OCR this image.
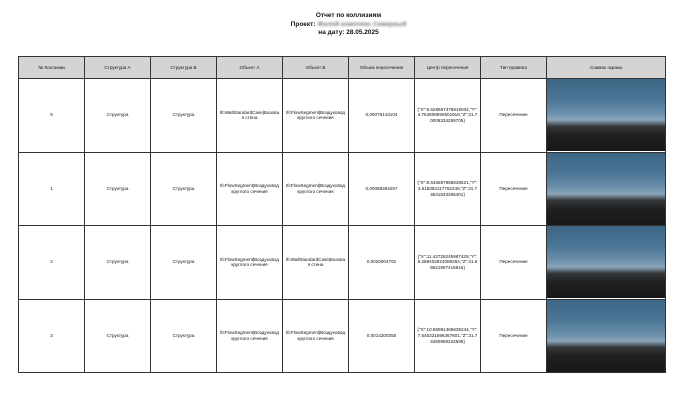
Отчет по коллизиям
Проект: Жилой комплекс Северный
на дату: 28.05.2025
№ Коллизии	Структура А	Структура В	Объект А	Объект В	Объем пересечения	Центр пересечения	Тип правила	Снимок экрана
5	Структура	Структура	IfcWallStandardCase|Базовая стена	IfcFlowSegment|Воздуховод круглого сечения	0,00078143104	{"X":9.628667378819004,"Y":4.754808990501918,"Z":31.70006334269705}	Пересечение	

1	Структура	Структура	IfcFlowSegment|Воздуховод круглого сечения	IfcFlowSegment|Воздуховод круглого сечения	0,00058364257	{"X":8.646597968638621,"Y":3.515384117762248,"Z":31.73631533365401}	Пересечение	

2	Структура	Структура	IfcFlowSegment|Воздуховод круглого сечения	IfcWallStandardCase|Базовая стена	0,0020004762	{"X":11.42726245967429,"Y":8.288402824089284,"Z":31.69621907415816}	Пересечение	

3	Структура	Структура	IfcFlowSegment|Воздуховод круглого сечения	IfcFlowSegment|Воздуховод круглого сечения	0,0014200255	{"X":10.86981465635244,"Y":7.545321596367601,"Z":31.73490988224598}	Пересечение	
